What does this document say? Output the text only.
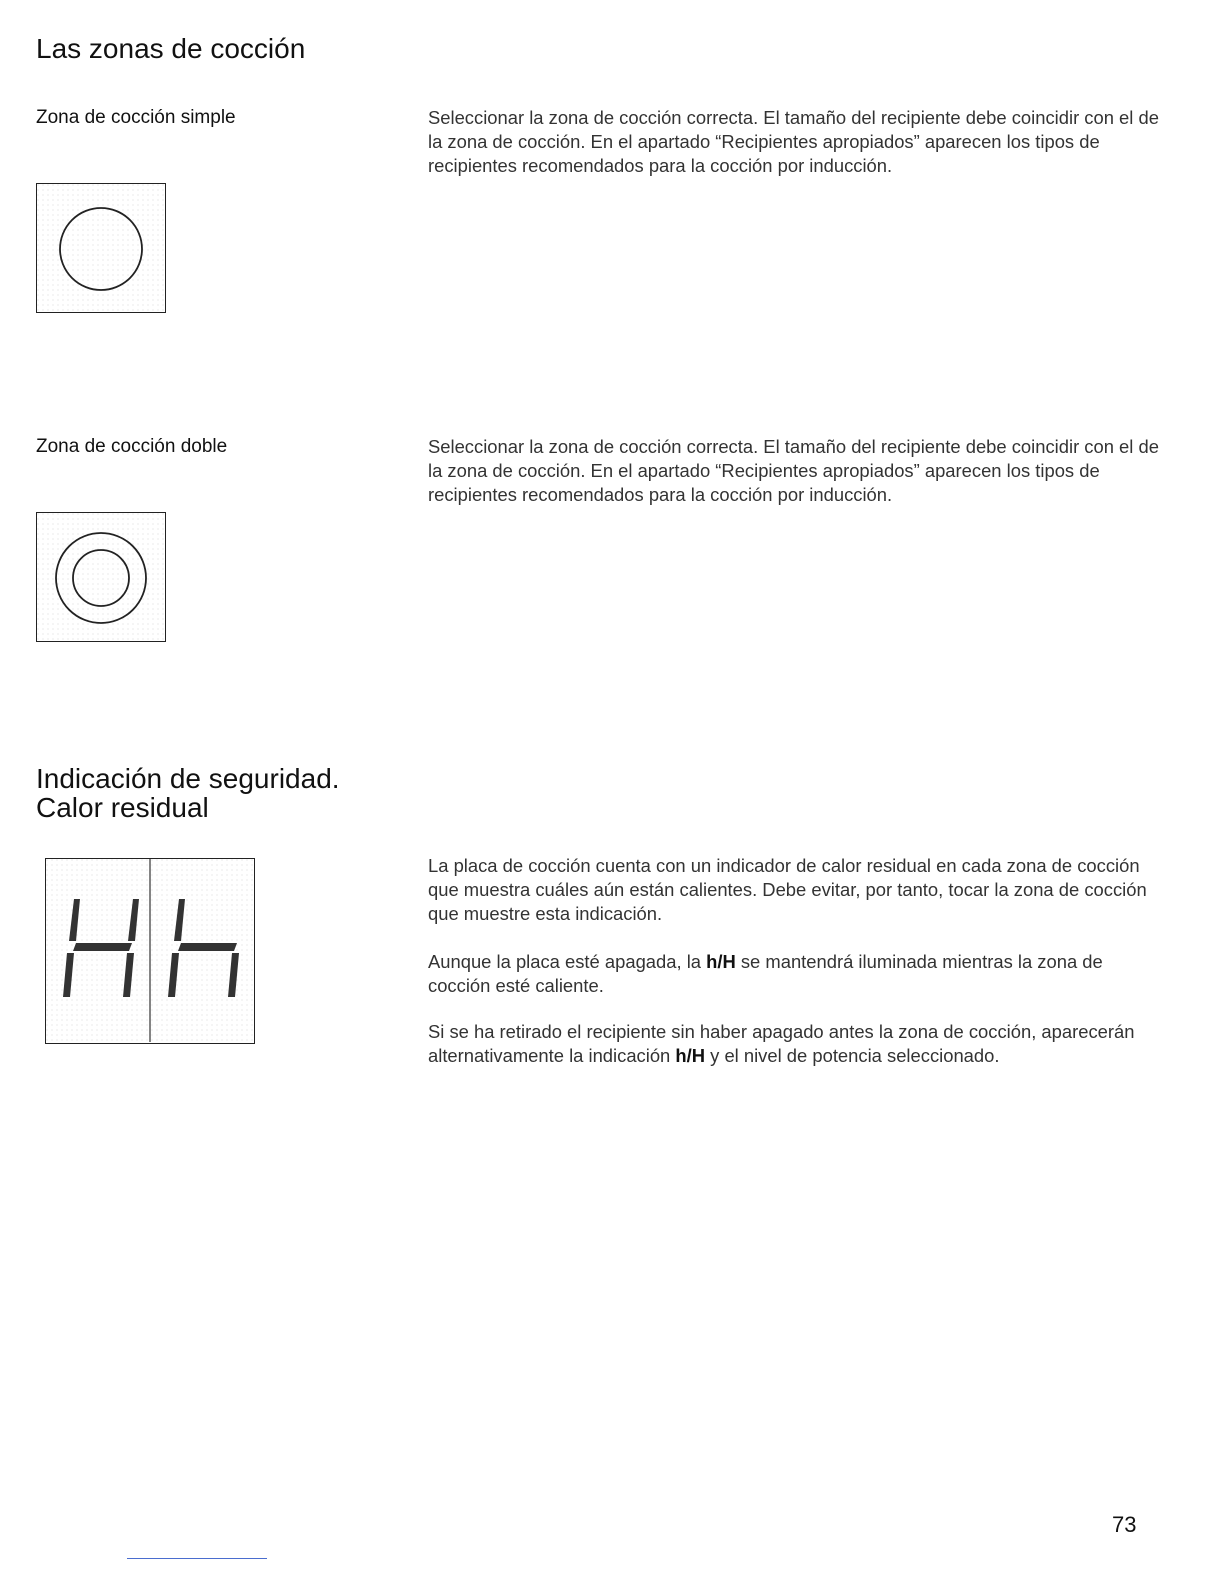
Las zonas de cocción
Zona de cocción simple	Seleccionar la zona de cocción correcta. El tamaño del recipiente debe coincidir con el de la zona de cocción. En el apartado “Recipientes apropiados” aparecen los tipos de recipientes recomendados para la cocción por inducción.

Zona de cocción doble	Seleccionar la zona de cocción correcta. El tamaño del recipiente debe coincidir con el de la zona de cocción. En el apartado “Recipientes apropiados” aparecen los tipos de recipientes recomendados para la cocción por inducción.

Indicación de seguridad.
Calor residual

La placa de cocción cuenta con un indicador de calor residual en cada zona de cocción que muestra cuáles aún están calientes. Debe evitar, por tanto, tocar la zona de cocción que muestre esta indicación.

Aunque la placa esté apagada, la h/H se mantendrá iluminada mientras la zona de cocción esté caliente.

Si se ha retirado el recipiente sin haber apagado antes la zona de cocción, aparecerán alternativamente la indicación h/H y el nivel de potencia seleccionado.

73
